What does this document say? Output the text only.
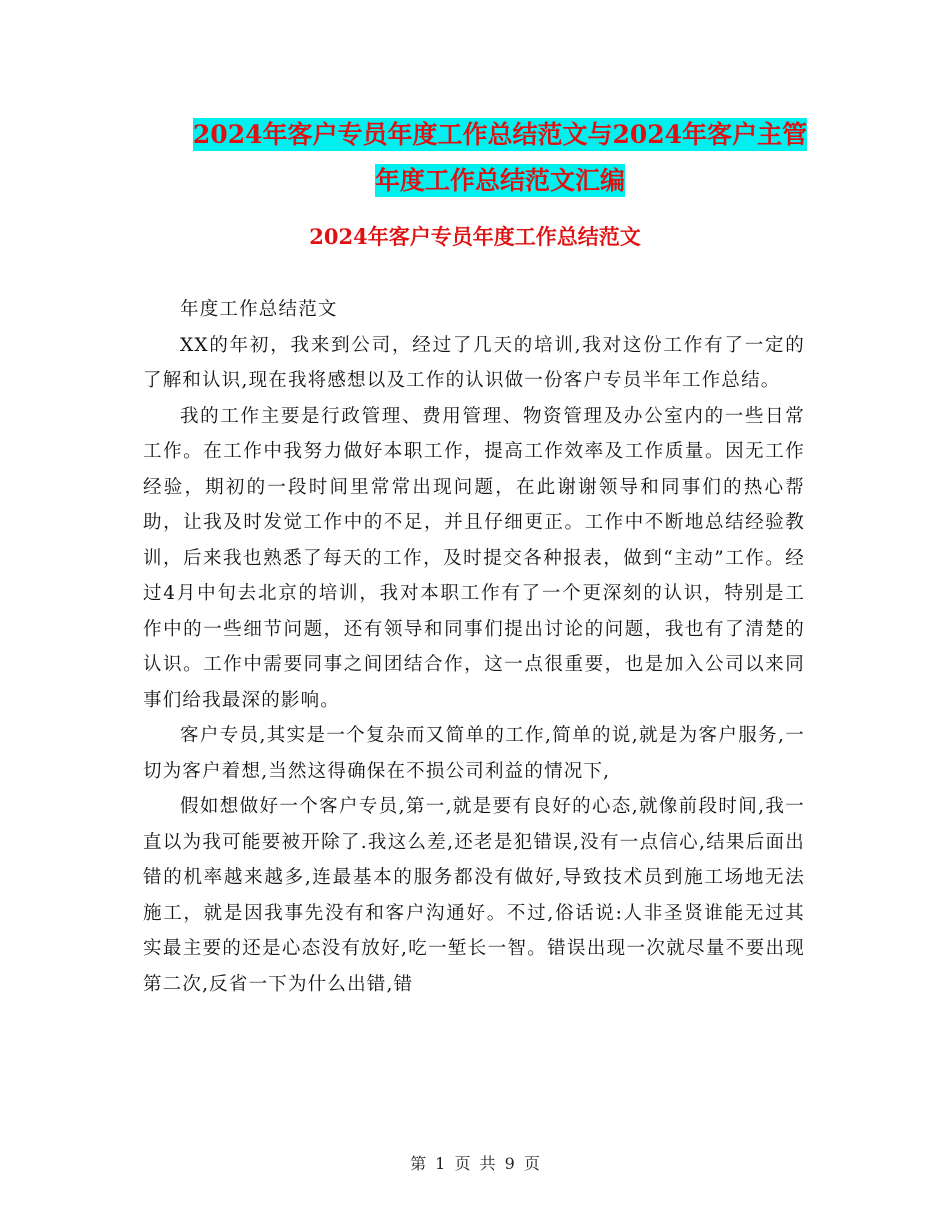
2024年客户专员年度工作总结范文与2024年客户主管
年度工作总结范文汇编
2024年客户专员年度工作总结范文

年度工作总结范文

XX的年初，我来到公司，经过了几天的培训,我对这份工作有了一定的了解和认识,现在我将感想以及工作的认识做一份客户专员半年工作总结。

我的工作主要是行政管理、费用管理、物资管理及办公室内的一些日常工作。在工作中我努力做好本职工作，提高工作效率及工作质量。因无工作经验，期初的一段时间里常常出现问题，在此谢谢领导和同事们的热心帮助，让我及时发觉工作中的不足，并且仔细更正。工作中不断地总结经验教训，后来我也熟悉了每天的工作，及时提交各种报表，做到“主动”工作。经过4月中旬去北京的培训，我对本职工作有了一个更深刻的认识，特别是工作中的一些细节问题，还有领导和同事们提出讨论的问题，我也有了清楚的认识。工作中需要同事之间团结合作，这一点很重要，也是加入公司以来同事们给我最深的影响。

客户专员,其实是一个复杂而又简单的工作,简单的说,就是为客户服务,一切为客户着想,当然这得确保在不损公司利益的情况下,

假如想做好一个客户专员,第一,就是要有良好的心态,就像前段时间,我一直以为我可能要被开除了.我这么差,还老是犯错误,没有一点信心,结果后面出错的机率越来越多,连最基本的服务都没有做好,导致技术员到施工场地无法施工，就是因我事先没有和客户沟通好。不过,俗话说:人非圣贤谁能无过其实最主要的还是心态没有放好,吃一堑长一智。错误出现一次就尽量不要出现第二次,反省一下为什么出错,错

第 1 页 共 9 页
